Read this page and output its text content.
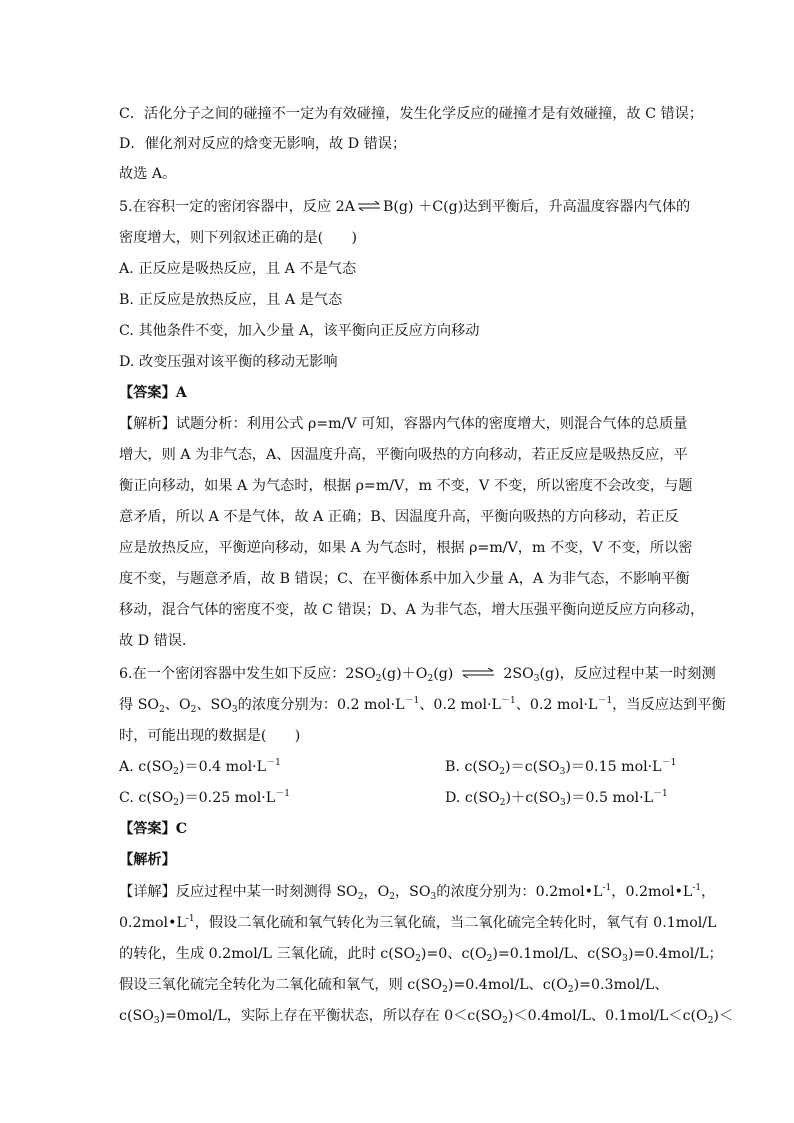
C．活化分子之间的碰撞不一定为有效碰撞，发生化学反应的碰撞才是有效碰撞，故 C 错误；
D．催化剂对反应的焓变无影响，故 D 错误；
故选 A。
5.在容积一定的密闭容器中，反应 2A ⇌ B(g) ＋C(g)达到平衡后，升高温度容器内气体的
密度增大，则下列叙述正确的是(　　)
A. 正反应是吸热反应，且 A 不是气态
B. 正反应是放热反应，且 A 是气态
C. 其他条件不变，加入少量 A，该平衡向正反应方向移动
D. 改变压强对该平衡的移动无影响
【答案】A
【解析】试题分析：利用公式 ρ=m/V 可知，容器内气体的密度增大，则混合气体的总质量
增大，则 A 为非气态，A、因温度升高，平衡向吸热的方向移动，若正反应是吸热反应，平
衡正向移动，如果 A 为气态时，根据 ρ=m/V，m 不变，V 不变，所以密度不会改变，与题
意矛盾，所以 A 不是气体，故 A 正确；B、因温度升高，平衡向吸热的方向移动，若正反
应是放热反应，平衡逆向移动，如果 A 为气态时，根据 ρ=m/V，m 不变，V 不变，所以密
度不变，与题意矛盾，故 B 错误；C、在平衡体系中加入少量 A，A 为非气态，不影响平衡
移动，混合气体的密度不变，故 C 错误；D、A 为非气态，增大压强平衡向逆反应方向移动，
故 D 错误．
6.在一个密闭容器中发生如下反应：$2SO_2(g)+O_2(g)$ ⇌ $2SO_3(g)$，反应过程中某一时刻测
得 $SO_2$、$O_2$、$SO_3$的浓度分别为：0.2 $mol\cdot L^{-1}$、0.2 $mol\cdot L^{-1}$、0.2 $mol\cdot L^{-1}$，当反应达到平衡
时，可能出现的数据是(　　)
A. $c(SO_2)=0.4$ $mol\cdot L^{-1}$	B. $c(SO_2)=c(SO_3)=0.15$ $mol\cdot L^{-1}$
C. $c(SO_2)=0.25$ $mol\cdot L^{-1}$	D. $c(SO_2)+c(SO_3)=0.5$ $mol\cdot L^{-1}$
【答案】C
【解析】
【详解】反应过程中某一时刻测得 $SO_2$，$O_2$，$SO_3$的浓度分别为：$0.2mol•L^{-1}$，$0.2mol•L^{-1}$，
$0.2mol•L^{-1}$，假设二氧化硫和氧气转化为三氧化硫，当二氧化硫完全转化时，氧气有 0.1mol/L
的转化，生成 0.2mol/L 三氧化硫，此时 $c(SO_2)=0$、$c(O_2)=0.1mol/L$、$c(SO_3)=0.4mol/L$；
假设三氧化硫完全转化为二氧化硫和氧气，则 $c(SO_2)=0.4mol/L$、$c(O_2)=0.3mol/L$、
$c(SO_3)=0mol/L$，实际上存在平衡状态，所以存在 $0<c(SO_2)<0.4mol/L$、$0.1mol/L<c(O_2)<$
